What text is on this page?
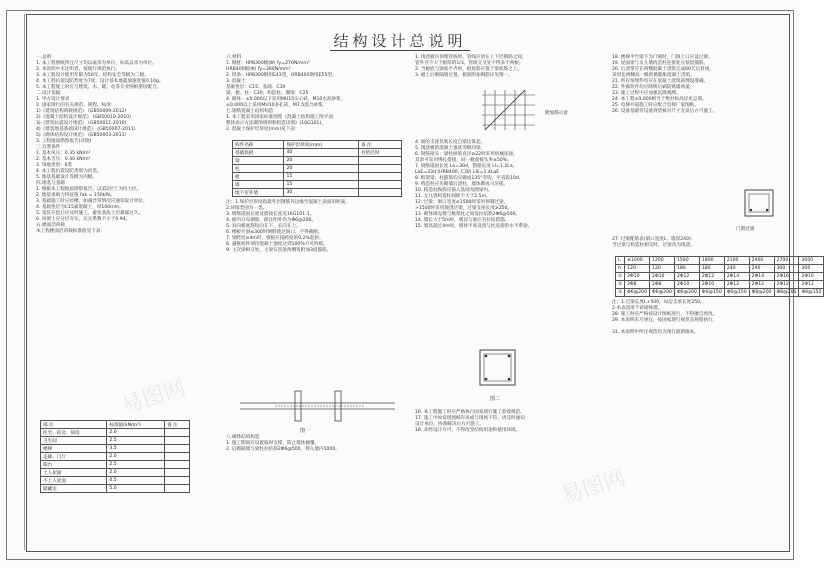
结构设计总说明
一.总则
1. 本工程图纸所注尺寸均以毫米为单位，标高以米为单位。
2. 本说明中未注明者，按现行规范执行。
3. 本工程设计使用年限为50年，结构安全等级为二级。
4. 本工程抗震设防烈度为7度，设计基本地震加速度值0.10g。
5. 本工程施工时应与建筑、水、暖、电等专业图纸密切配合。
二.设计依据
1. 甲方设计要求
2. 国家现行的有关规范、规程、标准：
1)《建筑结构荷载规范》 (GB50009-2012)
2)《混凝土结构设计规范》 (GB50010-2010)
3)《建筑抗震设计规范》 (GB50011-2010)
4)《建筑地基基础设计规范》 (GB50007-2011)
5)《砌体结构设计规范》 (GB50003-2011)
3. 工程地质勘察报告(详勘)
三.自然条件
1. 基本风压：0.35 kN/m²
2. 基本雪压：0.40 kN/m²
3. 场地类别：II类
4. 本工程抗震设防类别为丙类。
5. 地基基础设计等级为丙级。
四.地基与基础
1. 根据本工程地质勘察报告，以第2层土为持力层。
2. 地基承载力特征值 fak = 150kPa。
3. 基础施工时应验槽，如遇异常情况应通知设计单位。
4. 基础垫层为C15素混凝土，厚100mm。
5. 基坑开挖后应及时施工，避免基底土层暴露过久。
6. 回填土应分层夯实，压实系数不小于0.94。
五.楼面活荷载
本工程楼面活荷载标准值见下表：
部 位	标准值(kN/m²)	备 注
住宅、宿舍、厨房	2.0	
卫生间	2.5	
楼梯	3.5	
走廊、门厅	2.0	
阳台	2.5	
上人屋面	2.0	
不上人屋面	0.5	
储藏室	5.0	
六.材料
1. 钢材：HPB300级(Φ) fy=270N/mm²
HRB400级(Φ) fy=360N/mm²
2. 焊条：HPB300钢用E43型，HRB400钢用E55型。
3. 混凝土：
基础垫层：C15；基础：C30
梁、板、柱：C30；构造柱、圈梁：C25
4. 砌体：±0.000以下采用MU15实心砖，M10水泥砂浆；
±0.000以上采用MU10多孔砖，M7.5混合砂浆。
七.钢筋混凝土结构构造
1. 本工程采用国家标准图集《混凝土结构施工图平面
整体表示方法制图规则和构造详图》(16G101)。
2. 混凝土保护层厚度(mm)见下表：
构件名称	保护层厚度(mm)	备 注
基础底板	40	有垫层时
梁	20	
柱	20	
板	15	
墙	15	
地下室外墙	30	
注：1.保护层厚度指最外层钢筋外边缘至混凝土表面的距离。
2.环境类别为一类。
3. 钢筋锚固长度及搭接长度见16G101-1。
4. 板内分布钢筋，除注明外均为Φ6@200。
5. 双向板底筋短向在下，长向在上。
6. 楼板开洞≤300时钢筋绕过洞口，不得截断。
7. 梁跨度≥4m时，模板应按跨度的0.2%起拱。
8. 悬挑构件须待混凝土强度达到100%方可拆模。
9. 主次梁相交处，主梁在次梁两侧各附加3道箍筋。
图一
八.砌体结构构造
1. 施工期间应设置临时支撑，防止墙体倾覆。
2. 后砌隔墙与梁柱拉结筋2Φ6@500，伸入墙内1000。
1. 现浇板内预埋管线时，管线应放在上下层钢筋之间，
管外径不大于板厚的1/3，管线交叉处不得多于两根。
2. 当板底与梁底平齐时，板底筋应置于梁底筋之上。
3. 板上后砌隔墙位置，板底附加钢筋详见图一。
附加筋示意
4. 板的支座负筋长度自梁边算起。
5. 现浇板的混凝土强度等级同梁。
6. 钢筋接头：梁柱纵筋直径≥22时采用机械连接，
其余可采用绑扎搭接，同一截面接头率≤50%。
7. 钢筋锚固长度 La=30d，搭接长度 Ll=1.2La。
LaE=33d (HRB400, C30) LlE=1.4LaE
8. 框架梁、柱箍筋均应做成135°弯钩，平直段10d。
9. 构造柱应先砌墙后浇柱，墙体砌成马牙槎。
10. 构造柱纵筋应锚入基础及圈梁内。
11. 女儿墙构造柱间距不大于2.5m。
12. 过梁：洞口宽度≤1500时采用预制过梁，
>1500时采用现浇过梁，过梁支座长度≥250。
13. 砌体填充墙与框架柱之间设拉结筋2Φ6@500。
14. 墙长大于5m时，墙顶与梁应有拉结措施。
15. 墙高超过4m时，墙体半高设置与柱连接的水平系梁。
图二
16. 本工程施工时应严格执行国家现行施工验收规范。
17. 施工中如发现图纸有误或与现场不符，请及时通知
设计单位，协商解决后方可施工。
18. 未经设计许可，不得改变结构用途和使用环境。
18. 楼梯平台梁下为门洞时，门洞上口应设过梁。
19. 屋面梁与女儿墙构造柱连接处应预留插筋。
20. 后浇带应在两侧混凝土浇筑完成60天后封闭，
采用比两侧高一级的微膨胀混凝土浇筑。
21. 所有预埋件均应在混凝土浇筑前埋设准确。
22. 外露铁件均应除锈后刷防锈漆两道。
23. 施工过程中应加强沉降观测。
24. 本工程±0.000相当于绝对标高详见总图。
25. 电梯井道施工时应配合电梯厂家图纸。
26. 设备基础待设备到货核对尺寸无误后方可施工。
门窗过梁
27. 过梁配筋表(洞口宽度L，墙厚240)：
当过梁与构造柱相交时，过梁改为现浇。
L	≤1000	1200	1500	1800	2100	2400	2700	3000
h	120	120	180	180	240	240	300	300
①	2Φ10	2Φ10	2Φ12	2Φ12	2Φ14	2Φ14	2Φ16	2Φ16
②	2Φ8	2Φ8	2Φ10	2Φ10	2Φ12	2Φ12	2Φ12	2Φ12
③	Φ6@200	Φ6@200	Φ6@200	Φ6@150	Φ6@150	Φ8@200	Φ8@200	Φ8@150
注：1.过梁长度L+500，每边支承长度250。
2.本表适用于砖砌体墙。
28. 施工时应严格按设计图纸进行，不得擅自更改。
29. 本说明未尽事宜，按国家现行规范及规程执行。
31. 本说明中所注规范均为现行最新版本。
易图网
易图网
